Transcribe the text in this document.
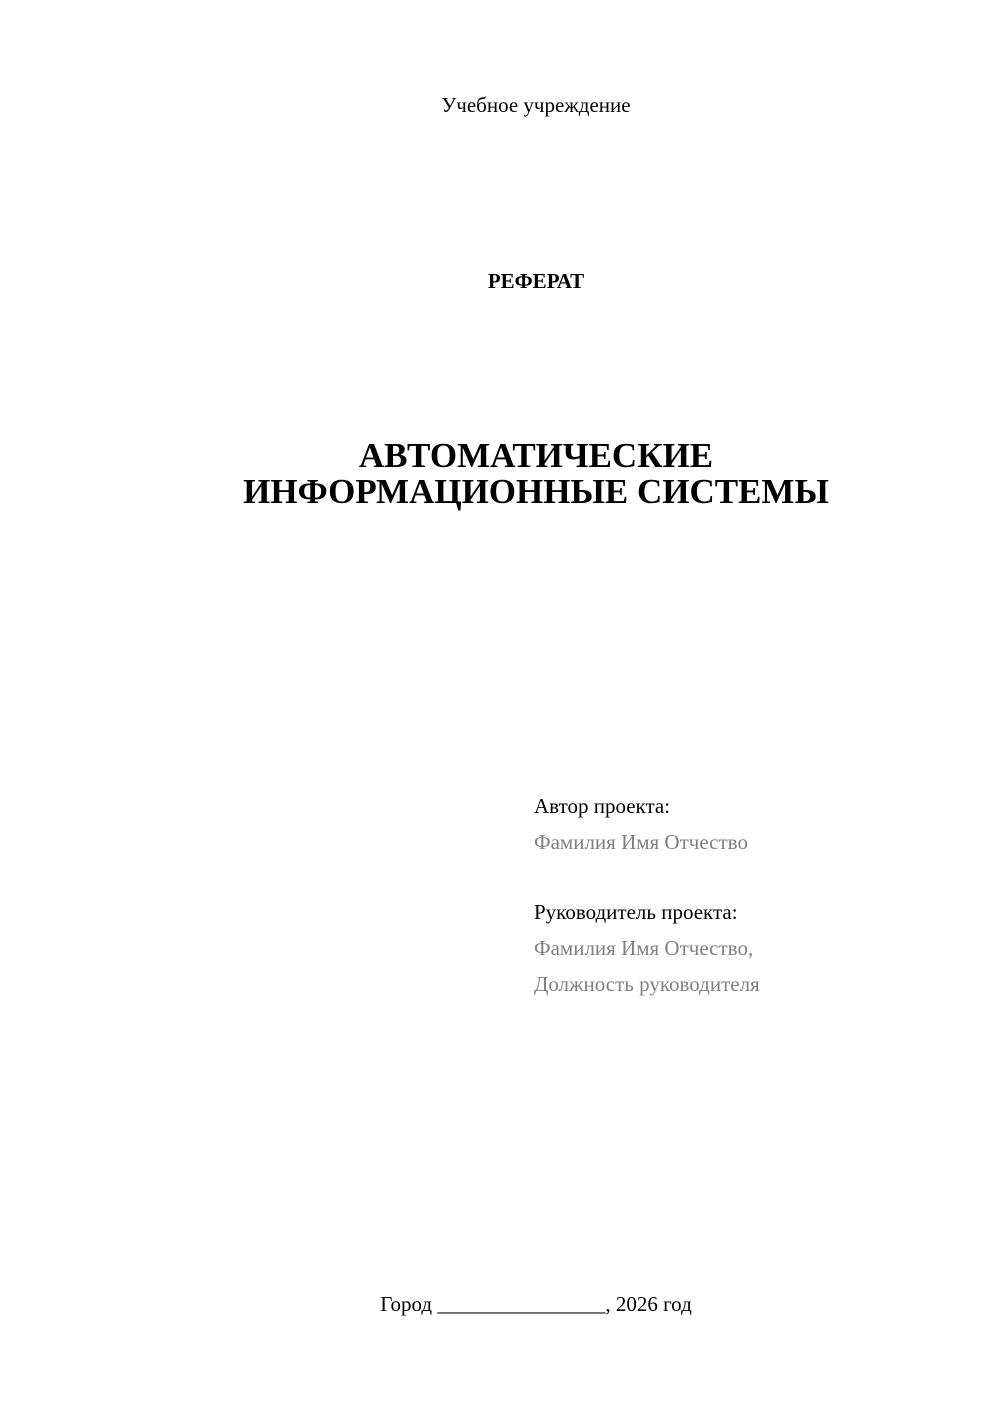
Учебное учреждение
РЕФЕРАТ
АВТОМАТИЧЕСКИЕ
ИНФОРМАЦИОННЫЕ СИСТЕМЫ
Автор проекта:
Фамилия Имя Отчество
Руководитель проекта:
Фамилия Имя Отчество,
Должность руководителя
Город ________________, 2026 год
